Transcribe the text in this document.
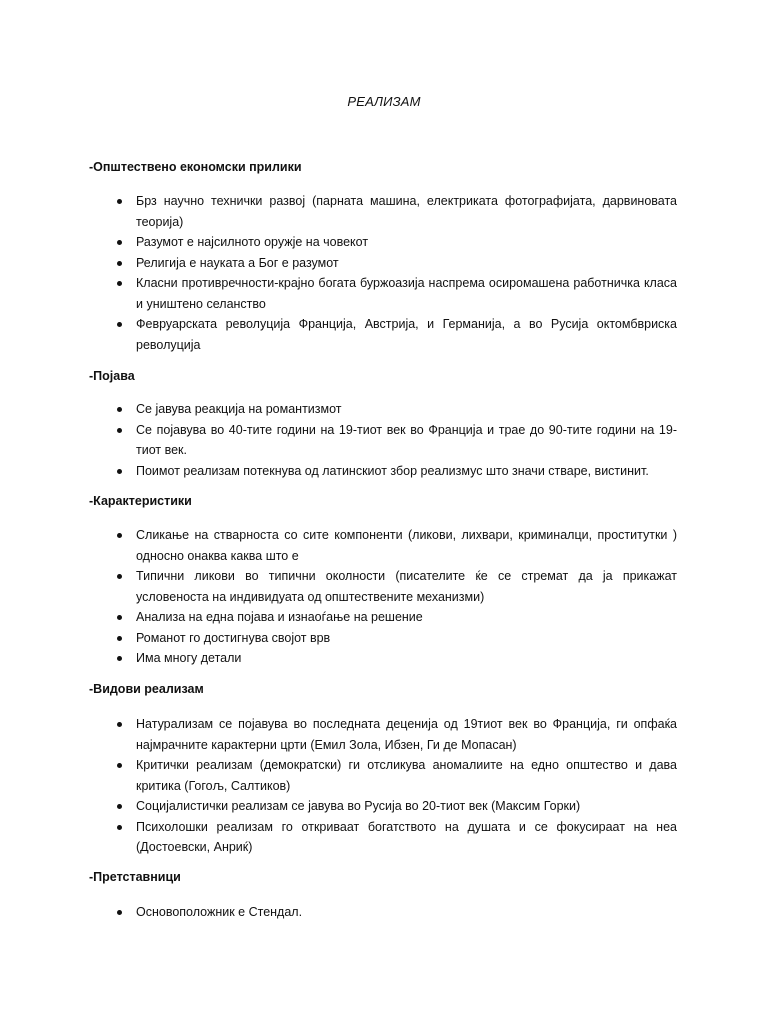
РЕАЛИЗАМ
-Општествено економски прилики
Брз научно технички развој (парната машина, електриката фотографијата, дарвиновата теорија)
Разумот е најсилното оружје на човекот
Религија е науката а Бог е разумот
Класни противречности-крајно богата буржоазија наспрема осиромашена работничка класа и уништено селанство
Февруарската револуција Франција, Австрија, и Германија, а во Русија октомбвриска револуција
-Појава
Се јавува реакција на романтизмот
Се појавува во 40-тите години на 19-тиот век во Франција и трае до 90-тите години на 19-тиот век.
Поимот реализам потекнува од латинскиот збор реализмус што значи стваре, вистинит.
-Карактеристики
Сликање на стварноста со сите компоненти (ликови, лихвари, криминалци, проститутки ) односно онаква каква што е
Типични ликови во типични околности (писателите ќе се стремат да ја прикажат условеноста на индивидуата од општествените механизми)
Анализа на една појава и изнаоѓање на решение
Романот го достигнува својот врв
Има многу детали
-Видови реализам
Натурализам се појавува во последната деценија од 19тиот век во Франција, ги опфаќа најмрачните карактерни црти (Емил Зола, Ибзен, Ги де Мопасан)
Критички реализам (демократски) ги отсликува аномалиите на едно општество и дава критика (Гогољ, Салтиков)
Социјалистички реализам се јавува во Русија во 20-тиот век (Максим Горки)
Психолошки реализам го откриваат богатството на душата и се фокусираат на неа (Достоевски, Анриќ)
-Претставници
Основоположник е Стендал.
